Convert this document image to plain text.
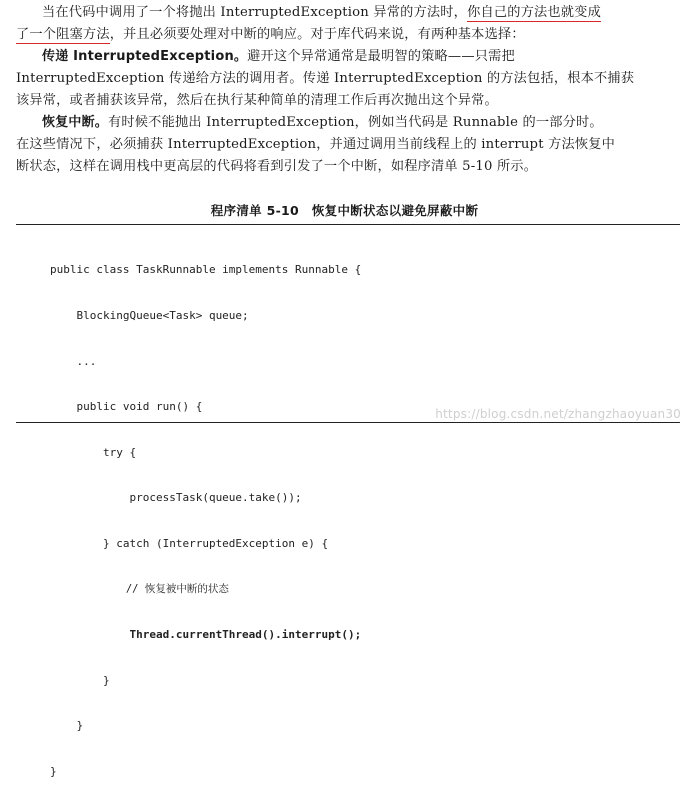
当在代码中调用了一个将抛出 InterruptedException 异常的方法时，你自己的方法也就变成
了一个阻塞方法，并且必须要处理对中断的响应。对于库代码来说，有两种基本选择：
传递 InterruptedException。避开这个异常通常是最明智的策略——只需把
InterruptedException 传递给方法的调用者。传递 InterruptedException 的方法包括，根本不捕获
该异常，或者捕获该异常，然后在执行某种简单的清理工作后再次抛出这个异常。
恢复中断。有时候不能抛出 InterruptedException，例如当代码是 Runnable 的一部分时。
在这些情况下，必须捕获 InterruptedException，并通过调用当前线程上的 interrupt 方法恢复中
断状态，这样在调用栈中更高层的代码将看到引发了一个中断，如程序清单 5-10 所示。
程序清单 5-10　恢复中断状态以避免屏蔽中断

public class TaskRunnable implements Runnable {

BlockingQueue<Task> queue;

...

public void run() {

try {

processTask(queue.take());

} catch (InterruptedException e) {

// 恢复被中断的状态

Thread.currentThread().interrupt();

}

}

}

https://blog.csdn.net/zhangzhaoyuan30
